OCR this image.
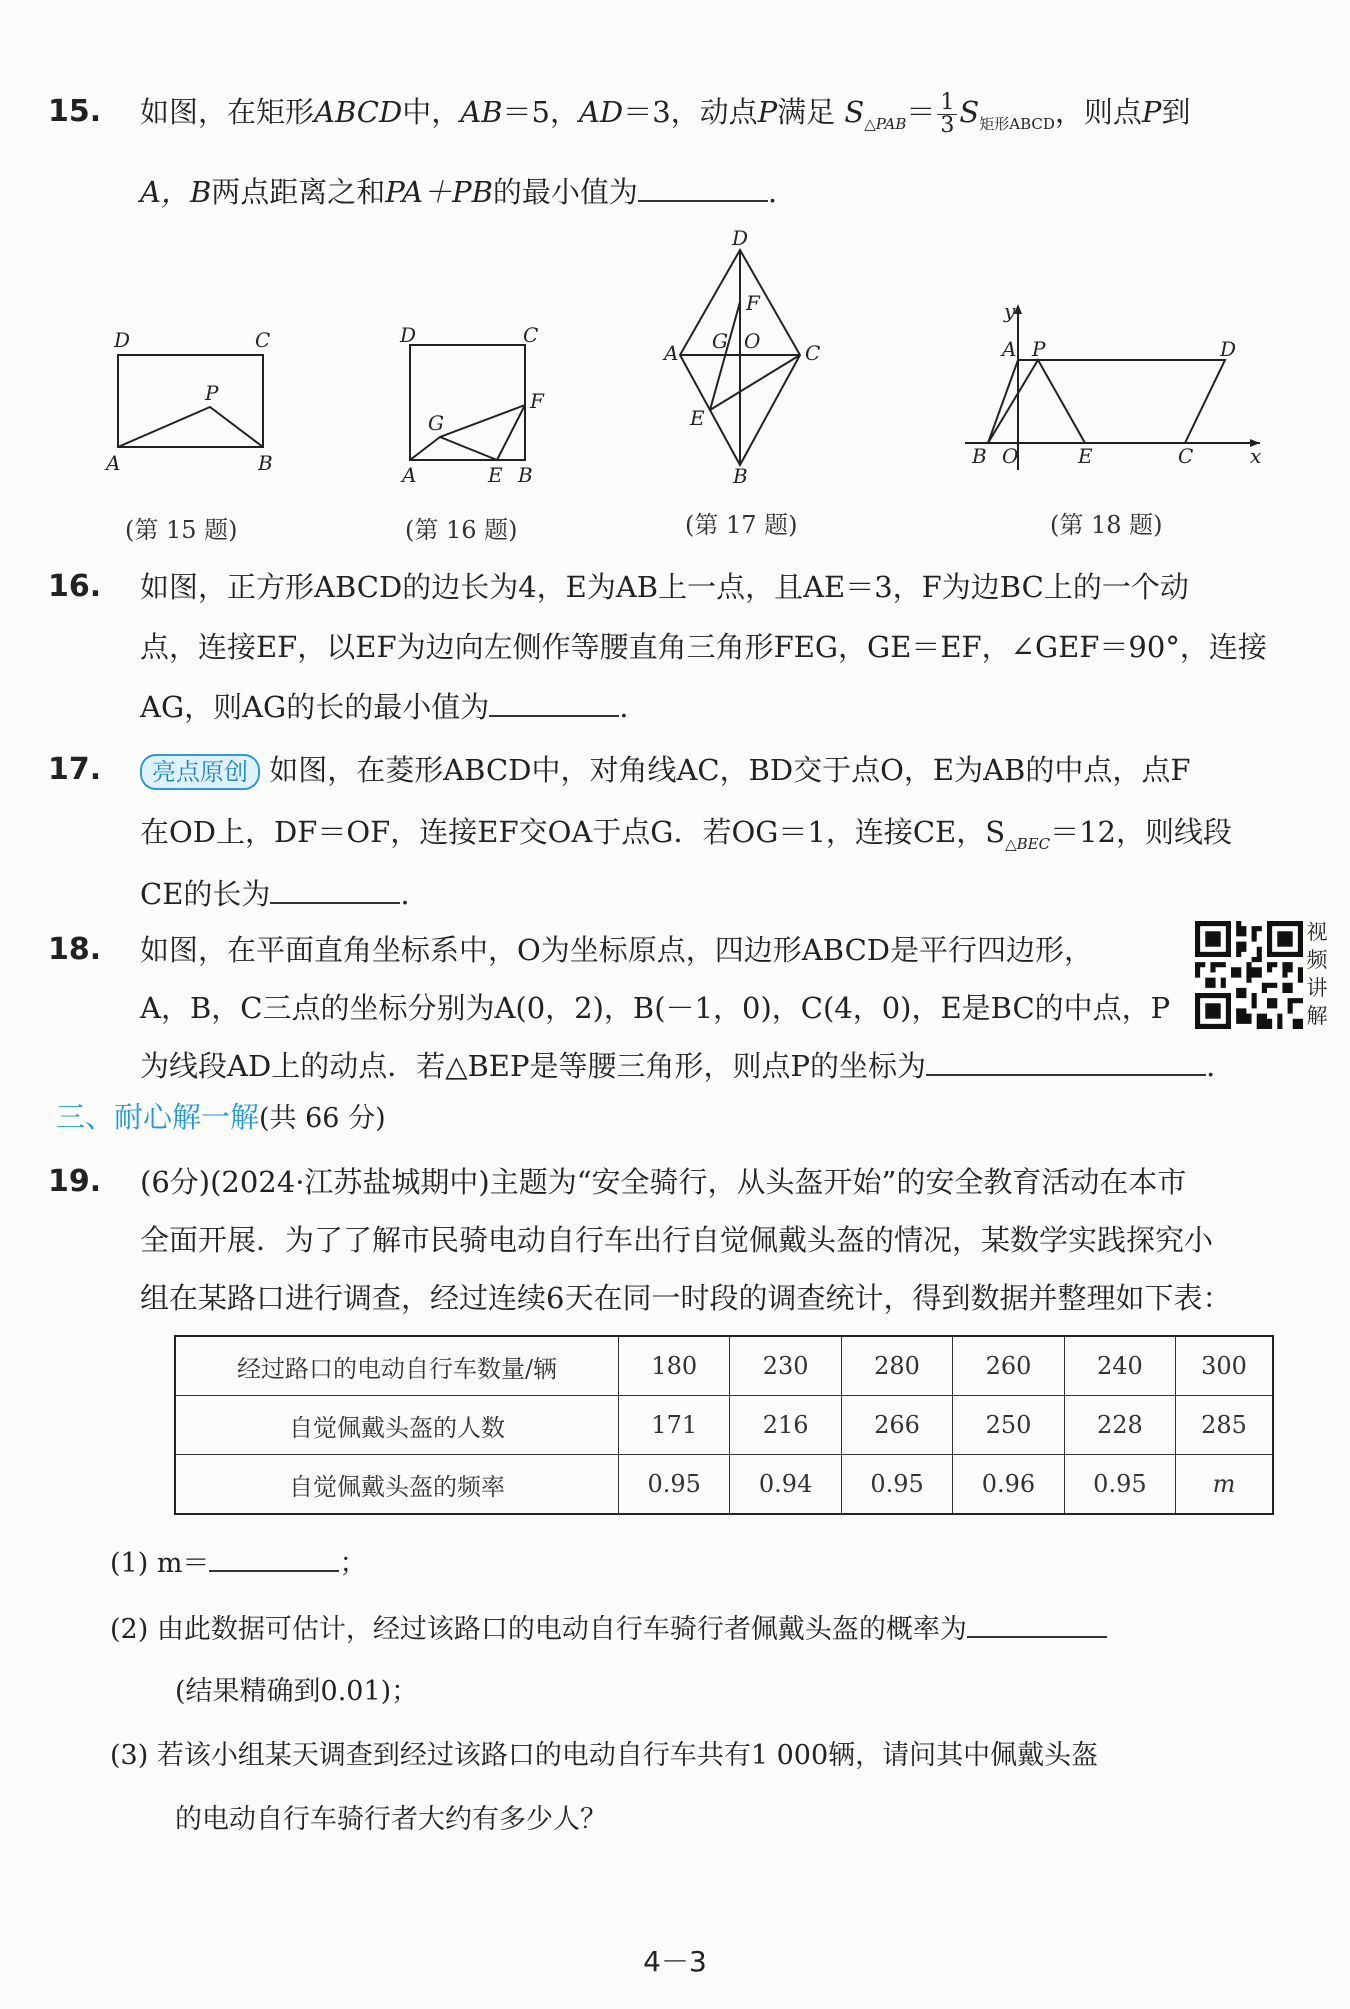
15. 如图，在矩形ABCD中，AB＝5，AD＝3，动点P满足 $S_{\triangle PAB}= \frac{1}{3} S_{矩形ABCD}$，则点P到
A，B两点距离之和PA＋PB的最小值为	.
D	C
P
A	B
(第 15 题)
D	C
G
F
A	E B
(第 16 题)
D
F
A G O C
E
B
(第 17 题)
y
A P	D
B O	E	C	x
(第 18 题)
16. 如图，正方形ABCD的边长为4，E为AB上一点，且AE＝3，F为边BC上的一个动
点，连接EF，以EF为边向左侧作等腰直角三角形FEG，GE＝EF，∠GEF＝90°，连接
AG，则AG的长的最小值为	.
17.	亮点原创 如图，在菱形ABCD中，对角线AC，BD交于点O，E为AB的中点，点F
在OD上，DF＝OF，连接EF交OA于点G．若OG＝1，连接CE，$S_{\triangle BEC}=12$，则线段
CE的长为	.
18. 如图，在平面直角坐标系中，O为坐标原点，四边形ABCD是平行四边形，
A，B，C三点的坐标分别为A(0，2)，B(－1，0)，C(4，0)，E是BC的中点，P
为线段AD上的动点．若△BEP是等腰三角形，则点P的坐标为	.
视频讲解
三、耐心解一解(共 66 分)
19. (6分)(2024·江苏盐城期中)主题为“安全骑行，从头盔开始”的安全教育活动在本市
全面开展．为了了解市民骑电动自行车出行自觉佩戴头盔的情况，某数学实践探究小
组在某路口进行调查，经过连续6天在同一时段的调查统计，得到数据并整理如下表：
经过路口的电动自行车数量/辆	180	230	280	260	240	300
自觉佩戴头盔的人数	171	216	266	250	228	285
自觉佩戴头盔的频率	0.95	0.94	0.95	0.96	0.95	m
(1) m＝	；
(2) 由此数据可估计，经过该路口的电动自行车骑行者佩戴头盔的概率为
(结果精确到0.01)；
(3) 若该小组某天调查到经过该路口的电动自行车共有1 000辆，请问其中佩戴头盔
的电动自行车骑行者大约有多少人？
4－3
